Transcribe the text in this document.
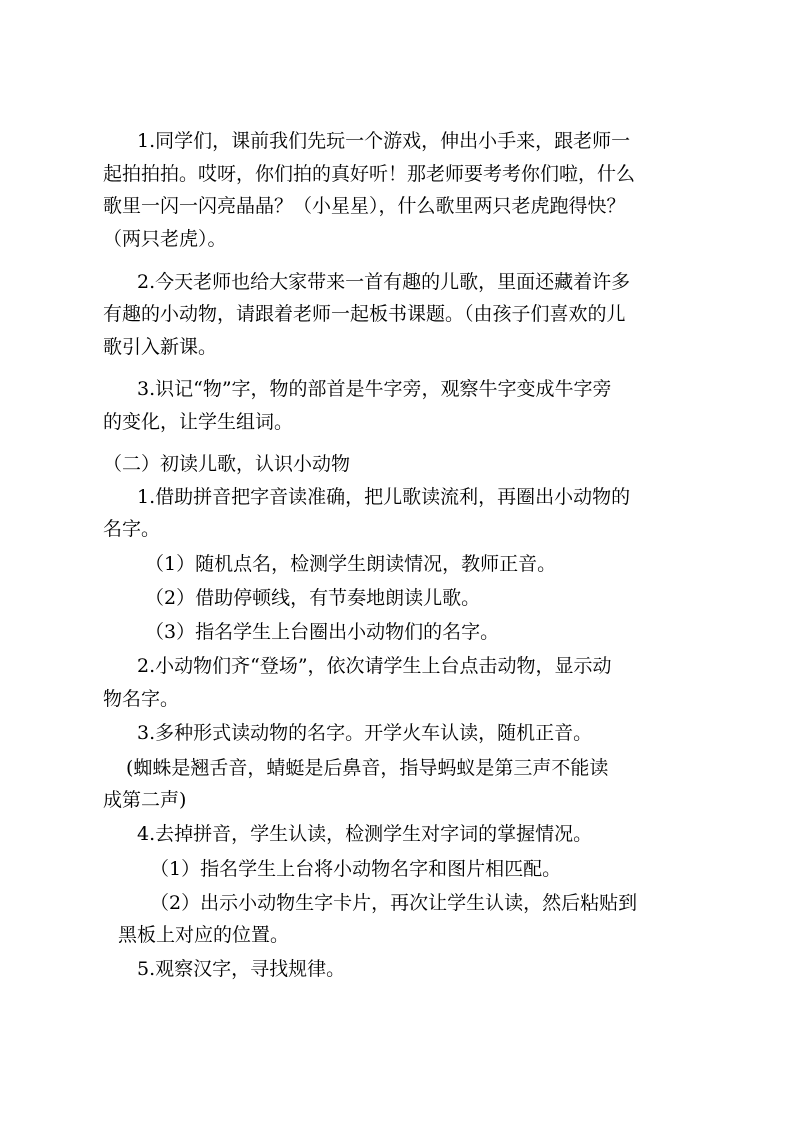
1.同学们，课前我们先玩一个游戏，伸出小手来，跟老师一
起拍拍拍。哎呀，你们拍的真好听！那老师要考考你们啦，什么
歌里一闪一闪亮晶晶？（小星星），什么歌里两只老虎跑得快？
（两只老虎）。
2.今天老师也给大家带来一首有趣的儿歌，里面还藏着许多
有趣的小动物，请跟着老师一起板书课题。（由孩子们喜欢的儿
歌引入新课。
3.识记“物”字，物的部首是牛字旁，观察牛字变成牛字旁
的变化，让学生组词。
（二）初读儿歌，认识小动物
1.借助拼音把字音读准确，把儿歌读流利，再圈出小动物的
名字。
（1）随机点名，检测学生朗读情况，教师正音。
（2）借助停顿线，有节奏地朗读儿歌。
（3）指名学生上台圈出小动物们的名字。
2.小动物们齐“登场”，依次请学生上台点击动物，显示动
物名字。
3.多种形式读动物的名字。开学火车认读，随机正音。
(蜘蛛是翘舌音，蜻蜓是后鼻音，指导蚂蚁是第三声不能读
成第二声)
4.去掉拼音，学生认读，检测学生对字词的掌握情况。
（1）指名学生上台将小动物名字和图片相匹配。
（2）出示小动物生字卡片，再次让学生认读，然后粘贴到
黑板上对应的位置。
5.观察汉字，寻找规律。
